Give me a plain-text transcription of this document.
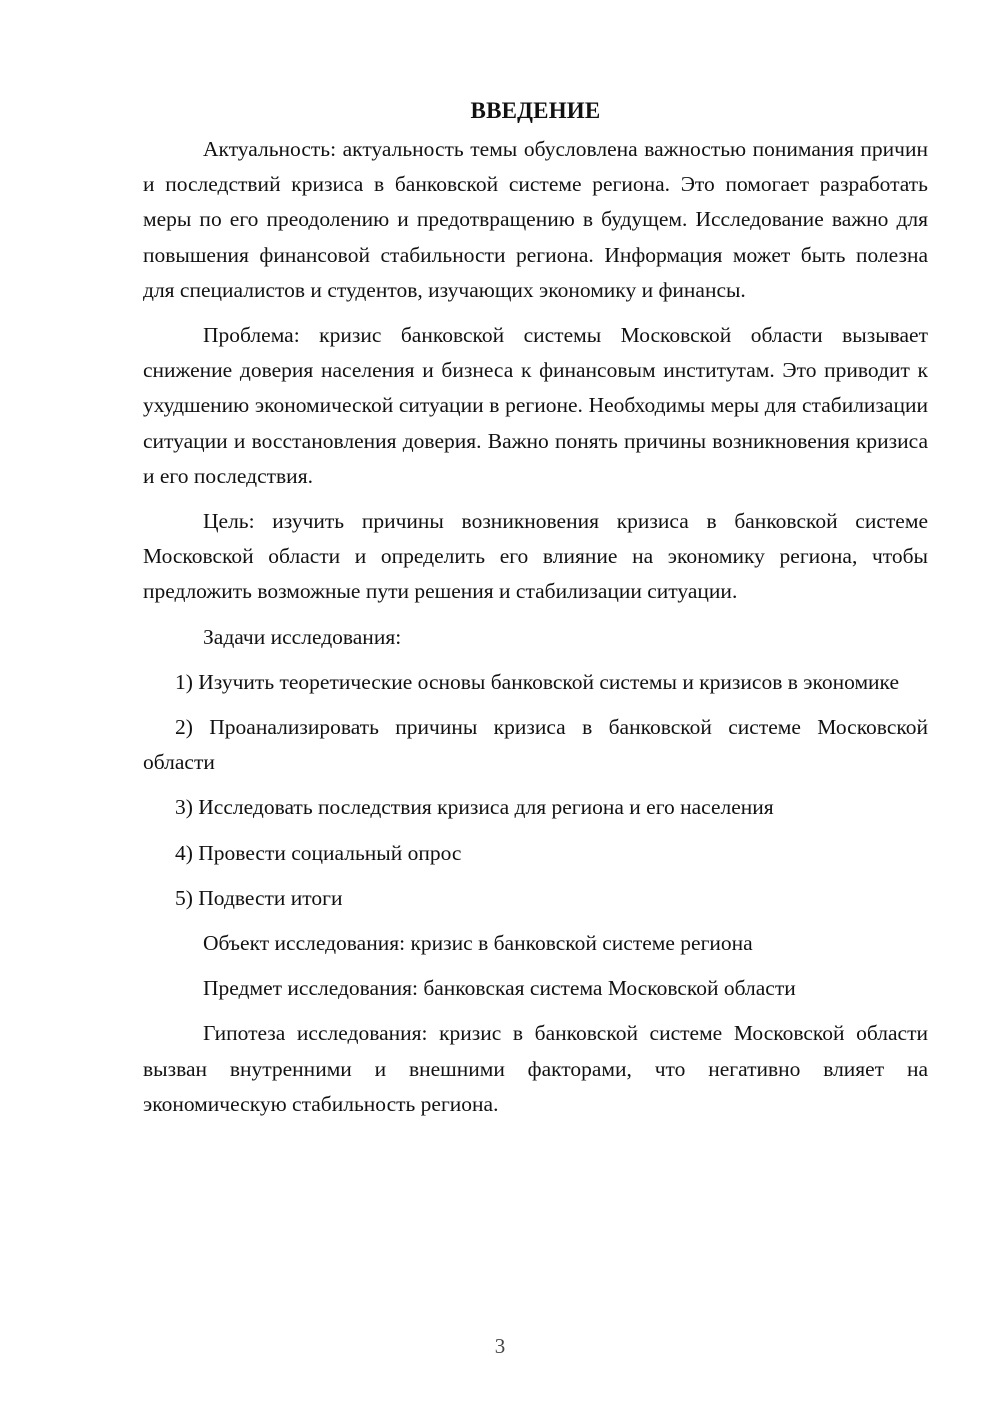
ВВЕДЕНИЕ

Актуальность: актуальность темы обусловлена важностью понимания причин и последствий кризиса в банковской системе региона. Это помогает разработать меры по его преодолению и предотвращению в будущем. Исследование важно для повышения финансовой стабильности региона. Информация может быть полезна для специалистов и студентов, изучающих экономику и финансы.

Проблема: кризис банковской системы Московской области вызывает снижение доверия населения и бизнеса к финансовым институтам. Это приводит к ухудшению экономической ситуации в регионе. Необходимы меры для стабилизации ситуации и восстановления доверия. Важно понять причины возникновения кризиса и его последствия.

Цель: изучить причины возникновения кризиса в банковской системе Московской области и определить его влияние на экономику региона, чтобы предложить возможные пути решения и стабилизации ситуации.

Задачи исследования:

1) Изучить теоретические основы банковской системы и кризисов в экономике

2) Проанализировать причины кризиса в банковской системе Московской области

3) Исследовать последствия кризиса для региона и его населения

4) Провести социальный опрос

5) Подвести итоги

Объект исследования: кризис в банковской системе региона

Предмет исследования: банковская система Московской области

Гипотеза исследования: кризис в банковской системе Московской области вызван внутренними и внешними факторами, что негативно влияет на экономическую стабильность региона.

3
